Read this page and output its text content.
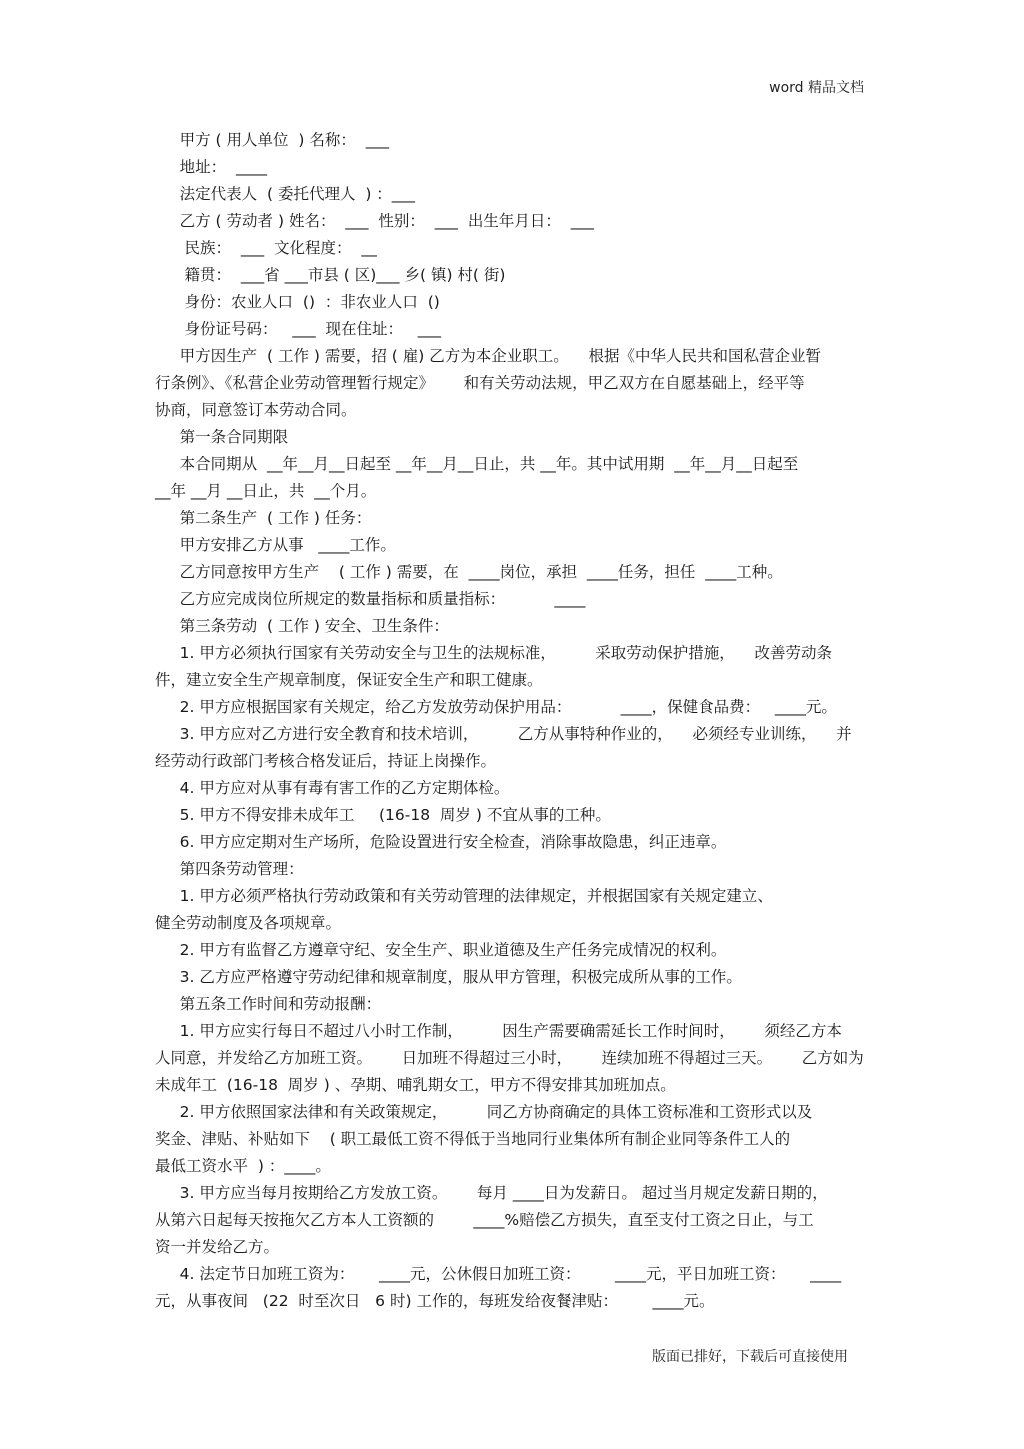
word 精品文档
甲方 ( 用人单位  ) 名称：  ___
地址：  ____
法定代表人  ( 委托代理人  ) ：___
乙方 ( 劳动者 ) 姓名：  ___  性别：  ___  出生年月日：  ___
民族：  ___  文化程度：  __
籍贯：  ___省 ___市县 ( 区)___ 乡( 镇) 村( 街)
身份：农业人口  ()  ：非农业人口  ()
身份证号码：   ___  现在住址：   ___
甲方因生产  ( 工作 ) 需要，招 ( 雇) 乙方为本企业职工。    根据《中华人民共和国私营企业暂
行条例》、《私营企业劳动管理暂行规定》      和有关劳动法规，甲乙双方在自愿基础上，经平等
协商，同意签订本劳动合同。
第一条合同期限
本合同期从  __年__月__日起至 __年__月__日止，共 __年。其中试用期  __年__月__日起至
__年 __月 __日止，共  __个月。
第二条生产  ( 工作 ) 任务：
甲方安排乙方从事   ____工作。
乙方同意按甲方生产    ( 工作 ) 需要，在  ____岗位，承担  ____任务，担任  ____工种。
乙方应完成岗位所规定的数量指标和质量指标：          ____
第三条劳动  ( 工作 ) 安全、卫生条件：
1. 甲方必须执行国家有关劳动安全与卫生的法规标准，        采取劳动保护措施，    改善劳动条
件，建立安全生产规章制度，保证安全生产和职工健康。
2. 甲方应根据国家有关规定，给乙方发放劳动保护用品：          ____，保健食品费：   ____元。
3. 甲方应对乙方进行安全教育和技术培训，        乙方从事特种作业的，    必须经专业训练，    并
经劳动行政部门考核合格发证后，持证上岗操作。
4. 甲方应对从事有毒有害工作的乙方定期体检。
5. 甲方不得安排未成年工     (16-18  周岁 ) 不宜从事的工种。
6. 甲方应定期对生产场所，危险设置进行安全检查，消除事故隐患，纠正违章。
第四条劳动管理：
1. 甲方必须严格执行劳动政策和有关劳动管理的法律规定，并根据国家有关规定建立、
健全劳动制度及各项规章。
2. 甲方有监督乙方遵章守纪、安全生产、职业道德及生产任务完成情况的权利。
3. 乙方应严格遵守劳动纪律和规章制度，服从甲方管理，积极完成所从事的工作。
第五条工作时间和劳动报酬：
1. 甲方应实行每日不超过八小时工作制，        因生产需要确需延长工作时间时，      须经乙方本
人同意，并发给乙方加班工资。      日加班不得超过三小时，      连续加班不得超过三天。      乙方如为
未成年工  (16-18  周岁 ) 、孕期、哺乳期女工，甲方不得安排其加班加点。
2. 甲方依照国家法律和有关政策规定，        同乙方协商确定的具体工资标准和工资形式以及
奖金、津贴、补贴如下    ( 职工最低工资不得低于当地同行业集体所有制企业同等条件工人的
最低工资水平  ) ：____。
3. 甲方应当每月按期给乙方发放工资。      每月 ____日为发薪日。 超过当月规定发薪日期的，
从第六日起每天按拖欠乙方本人工资额的        ____%赔偿乙方损失，直至支付工资之日止，与工
资一并发给乙方。
4. 法定节日加班工资为：     ____元，公休假日加班工资：       ____元，平日加班工资：     ____
元，从事夜间   (22  时至次日   6 时) 工作的，每班发给夜餐津贴：       ____元。
版面已排好，下载后可直接使用
